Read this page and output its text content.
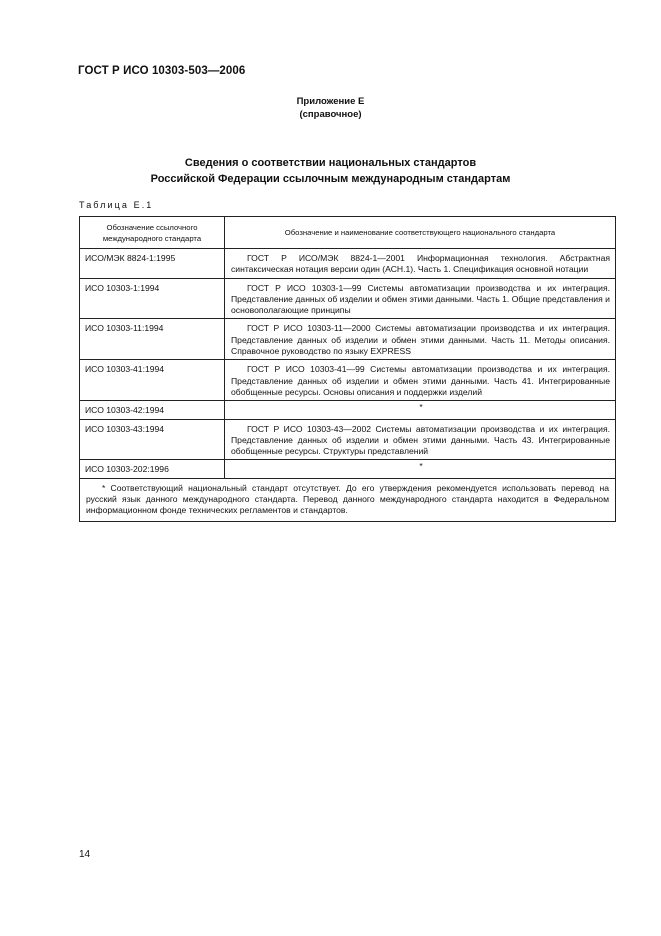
ГОСТ Р ИСО 10303-503—2006
Приложение Е
(справочное)
Сведения о соответствии национальных стандартов
Российской Федерации ссылочным международным стандартам
Таблица Е.1
Обозначение ссылочного международного стандарта	Обозначение и наименование соответствующего национального стандарта
ИСО/МЭК 8824-1:1995	ГОСТ Р ИСО/МЭК 8824-1—2001 Информационная технология. Абстрактная синтаксическая нотация версии один (АСН.1). Часть 1. Спецификация основной нотации
ИСО 10303-1:1994	ГОСТ Р ИСО 10303-1—99 Системы автоматизации производства и их интеграция. Представление данных об изделии и обмен этими данными. Часть 1. Общие представления и основополагающие принципы
ИСО 10303-11:1994	ГОСТ Р ИСО 10303-11—2000 Системы автоматизации производства и их интеграция. Представление данных об изделии и обмен этими данными. Часть 11. Методы описания. Справочное руководство по языку EXPRESS
ИСО 10303-41:1994	ГОСТ Р ИСО 10303-41—99 Системы автоматизации производства и их интеграция. Представление данных об изделии и обмен этими данными. Часть 41. Интегрированные обобщенные ресурсы. Основы описания и поддержки изделий
ИСО 10303-42:1994	*
ИСО 10303-43:1994	ГОСТ Р ИСО 10303-43—2002 Системы автоматизации производства и их интеграция. Представление данных об изделии и обмен этими данными. Часть 43. Интегрированные обобщенные ресурсы. Структуры представлений
ИСО 10303-202:1996	*
* Соответствующий национальный стандарт отсутствует. До его утверждения рекомендуется использовать перевод на русский язык данного международного стандарта. Перевод данного международного стандарта находится в Федеральном информационном фонде технических регламентов и стандартов.	
14
